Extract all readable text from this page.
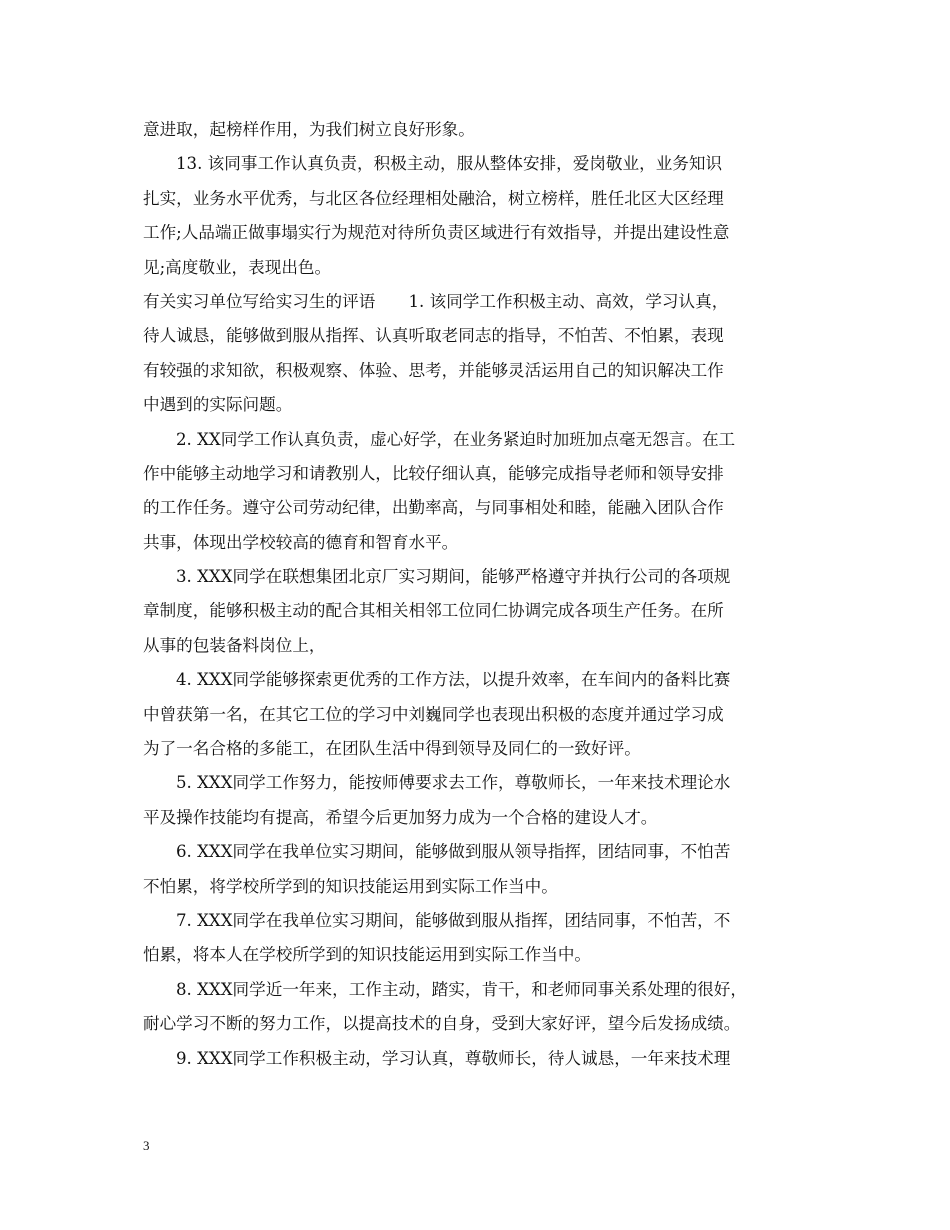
意进取，起榜样作用，为我们树立良好形象。
13. 该同事工作认真负责，积极主动，服从整体安排，爱岗敬业，业务知识
扎实，业务水平优秀，与北区各位经理相处融洽，树立榜样，胜任北区大区经理
工作;人品端正做事塌实行为规范对待所负责区域进行有效指导，并提出建设性意
见;高度敬业，表现出色。
有关实习单位写给实习生的评语　　1. 该同学工作积极主动、高效，学习认真，
待人诚恳，能够做到服从指挥、认真听取老同志的指导，不怕苦、不怕累，表现
有较强的求知欲，积极观察、体验、思考，并能够灵活运用自己的知识解决工作
中遇到的实际问题。
2. XX同学工作认真负责，虚心好学，在业务紧迫时加班加点毫无怨言。在工
作中能够主动地学习和请教别人，比较仔细认真，能够完成指导老师和领导安排
的工作任务。遵守公司劳动纪律，出勤率高，与同事相处和睦，能融入团队合作
共事，体现出学校较高的德育和智育水平。
3. XXX同学在联想集团北京厂实习期间，能够严格遵守并执行公司的各项规
章制度，能够积极主动的配合其相关相邻工位同仁协调完成各项生产任务。在所
从事的包装备料岗位上，
4. XXX同学能够探索更优秀的工作方法，以提升效率，在车间内的备料比赛
中曾获第一名，在其它工位的学习中刘巍同学也表现出积极的态度并通过学习成
为了一名合格的多能工，在团队生活中得到领导及同仁的一致好评。
5. XXX同学工作努力，能按师傅要求去工作，尊敬师长，一年来技术理论水
平及操作技能均有提高，希望今后更加努力成为一个合格的建设人才。
6. XXX同学在我单位实习期间，能够做到服从领导指挥，团结同事，不怕苦
不怕累，将学校所学到的知识技能运用到实际工作当中。
7. XXX同学在我单位实习期间，能够做到服从指挥，团结同事，不怕苦，不
怕累，将本人在学校所学到的知识技能运用到实际工作当中。
8. XXX同学近一年来，工作主动，踏实，肯干，和老师同事关系处理的很好，
耐心学习不断的努力工作，以提高技术的自身，受到大家好评，望今后发扬成绩。
9. XXX同学工作积极主动，学习认真，尊敬师长，待人诚恳，一年来技术理
3
